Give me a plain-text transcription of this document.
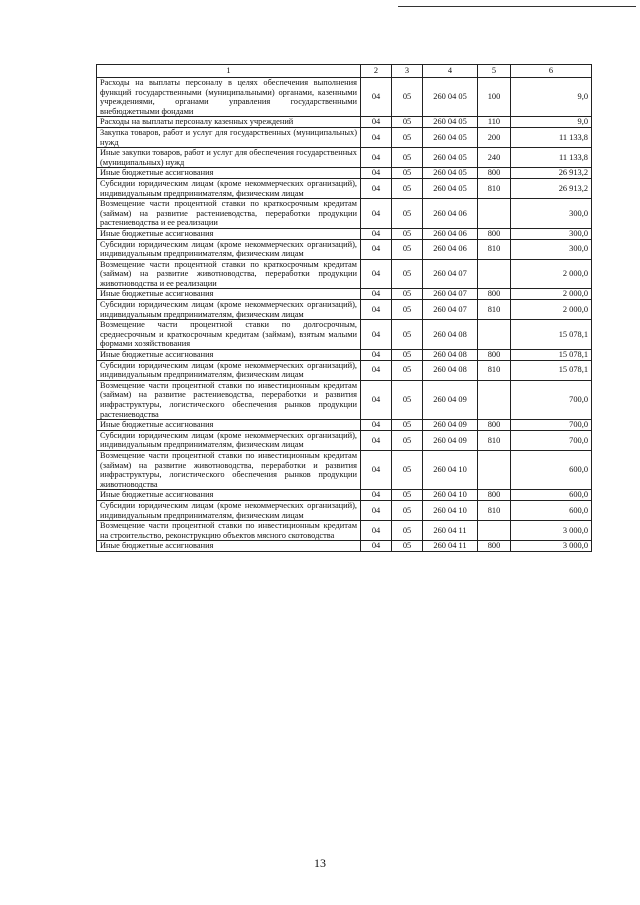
1	2	3	4	5	6
Расходы на выплаты персоналу в целях обеспечения выполнения функций государственными (муниципальными) органами, казенными учреждениями, органами управления государственными внебюджетными фондами	04	05	260 04 05	100	9,0
Расходы на выплаты персоналу казенных учреждений	04	05	260 04 05	110	9,0
Закупка товаров, работ и услуг для государственных (муниципальных) нужд	04	05	260 04 05	200	11 133,8
Иные закупки товаров, работ и услуг для обеспечения государственных (муниципальных) нужд	04	05	260 04 05	240	11 133,8
Иные бюджетные ассигнования	04	05	260 04 05	800	26 913,2
Субсидии юридическим лицам (кроме некоммерческих организаций), индивидуальным предпринимателям, физическим лицам	04	05	260 04 05	810	26 913,2
Возмещение части процентной ставки по краткосрочным кредитам (займам) на развитие растениеводства, переработки продукции растениеводства и ее реализации	04	05	260 04 06		300,0
Иные бюджетные ассигнования	04	05	260 04 06	800	300,0
Субсидии юридическим лицам (кроме некоммерческих организаций), индивидуальным предпринимателям, физическим лицам	04	05	260 04 06	810	300,0
Возмещение части процентной ставки по краткосрочным кредитам (займам) на развитие животноводства, переработки продукции животноводства и ее реализации	04	05	260 04 07		2 000,0
Иные бюджетные ассигнования	04	05	260 04 07	800	2 000,0
Субсидии юридическим лицам (кроме некоммерческих организаций), индивидуальным предпринимателям, физическим лицам	04	05	260 04 07	810	2 000,0
Возмещение части процентной ставки по долгосрочным, среднесрочным и краткосрочным кредитам (займам), взятым малыми формами хозяйствования	04	05	260 04 08		15 078,1
Иные бюджетные ассигнования	04	05	260 04 08	800	15 078,1
Субсидии юридическим лицам (кроме некоммерческих организаций), индивидуальным предпринимателям, физическим лицам	04	05	260 04 08	810	15 078,1
Возмещение части процентной ставки по инвестиционным кредитам (займам) на развитие растениеводства, переработки и развития инфраструктуры, логистического обеспечения рынков продукции растениеводства	04	05	260 04 09		700,0
Иные бюджетные ассигнования	04	05	260 04 09	800	700,0
Субсидии юридическим лицам (кроме некоммерческих организаций), индивидуальным предпринимателям, физическим лицам	04	05	260 04 09	810	700,0
Возмещение части процентной ставки по инвестиционным кредитам (займам) на развитие животноводства, переработки и развития инфраструктуры, логистического обеспечения рынков продукции животноводства	04	05	260 04 10		600,0
Иные бюджетные ассигнования	04	05	260 04 10	800	600,0
Субсидии юридическим лицам (кроме некоммерческих организаций), индивидуальным предпринимателям, физическим лицам	04	05	260 04 10	810	600,0
Возмещение части процентной ставки по инвестиционным кредитам на строительство, реконструкцию объектов мясного скотоводства	04	05	260 04 11		3 000,0
Иные бюджетные ассигнования	04	05	260 04 11	800	3 000,0
13
